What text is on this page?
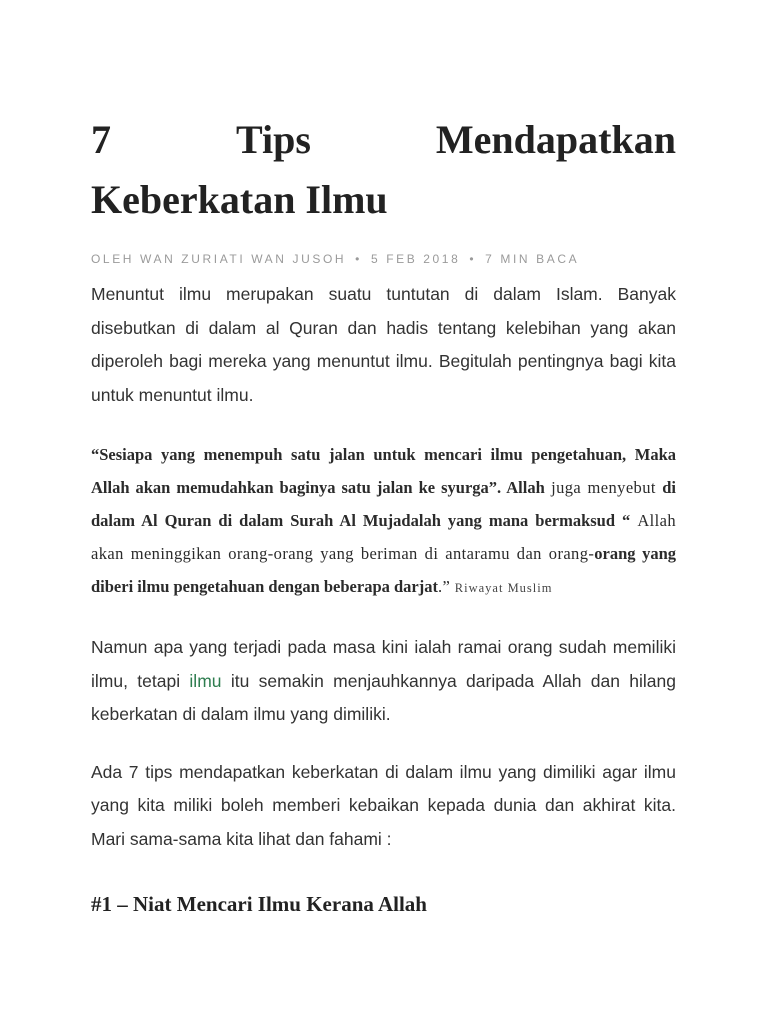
7	Tips	Mendapatkan
Keberkatan Ilmu
OLEH WAN ZURIATI WAN JUSOH • 5 FEB 2018 • 7 MIN BACA

Menuntut ilmu merupakan suatu tuntutan di dalam Islam. Banyak disebutkan di dalam al Quran dan hadis tentang kelebihan yang akan diperoleh bagi mereka yang menuntut ilmu. Begitulah pentingnya bagi kita untuk menuntut ilmu.

“Sesiapa yang menempuh satu jalan untuk mencari ilmu pengetahuan, Maka Allah akan memudahkan baginya satu jalan ke syurga”. Allah juga menyebut di dalam Al Quran di dalam Surah Al Mujadalah yang mana bermaksud “ Allah akan meninggikan orang-orang yang beriman di antaramu dan orang-orang yang diberi ilmu pengetahuan dengan beberapa darjat.” Riwayat Muslim

Namun apa yang terjadi pada masa kini ialah ramai orang sudah memiliki ilmu, tetapi ilmu itu semakin menjauhkannya daripada Allah dan hilang keberkatan di dalam ilmu yang dimiliki.

Ada 7 tips mendapatkan keberkatan di dalam ilmu yang dimiliki agar ilmu yang kita miliki boleh memberi kebaikan kepada dunia dan akhirat kita. Mari sama-sama kita lihat dan fahami :

#1 – Niat Mencari Ilmu Kerana Allah
